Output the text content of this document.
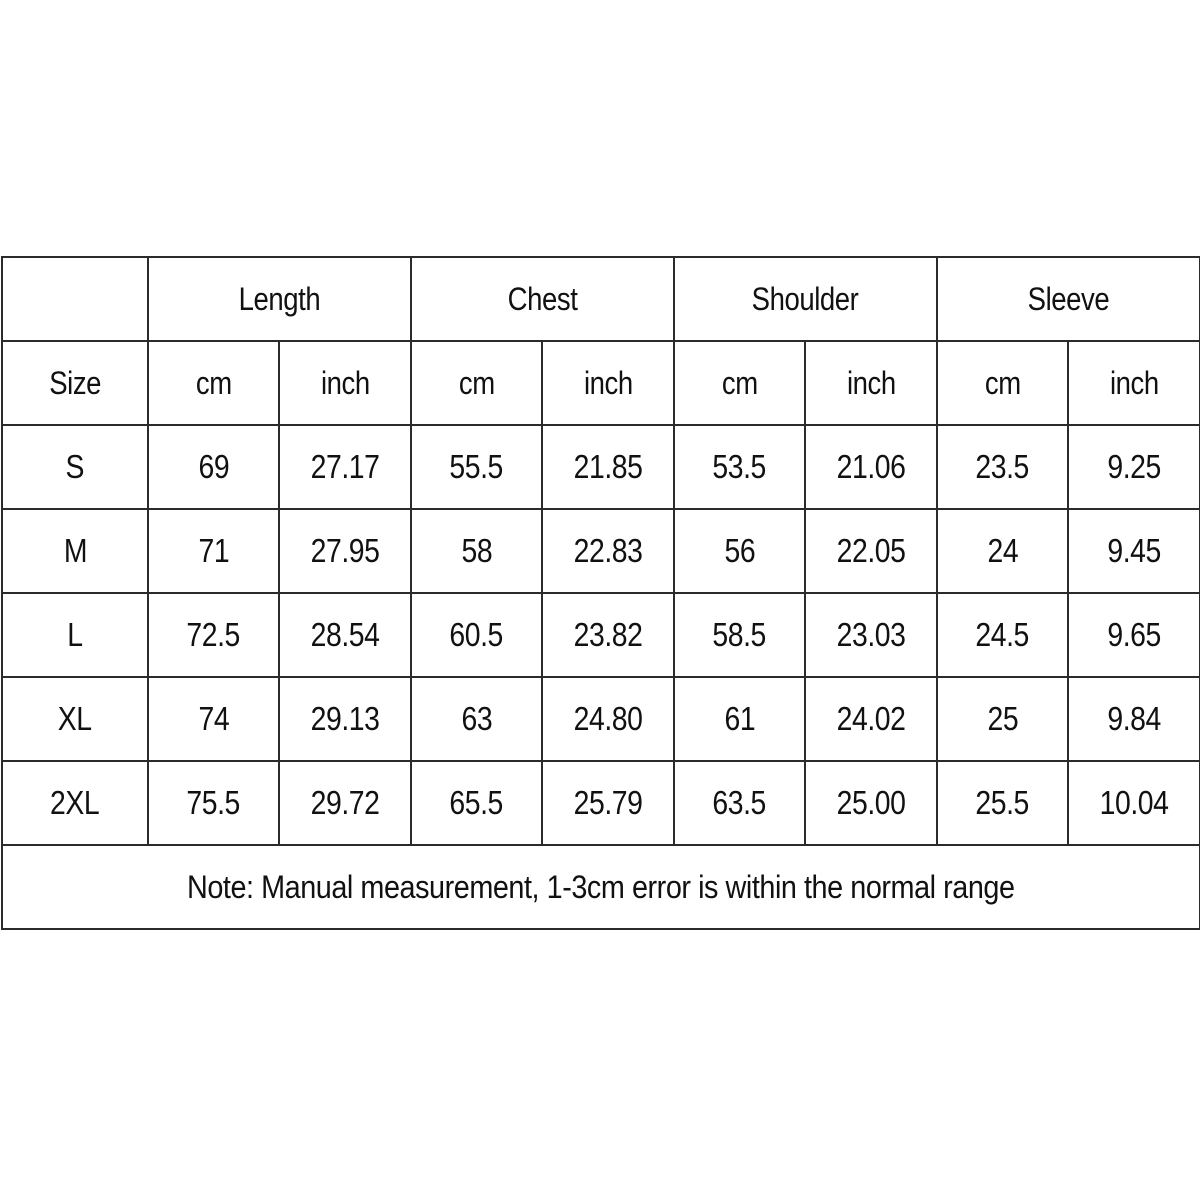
	Length		Chest		Shoulder		Sleeve	
Size	cm	inch	cm	inch	cm	inch	cm	inch
S	69	27.17	55.5	21.85	53.5	21.06	23.5	9.25
M	71	27.95	58	22.83	56	22.05	24	9.45
L	72.5	28.54	60.5	23.82	58.5	23.03	24.5	9.65
XL	74	29.13	63	24.80	61	24.02	25	9.84
2XL	75.5	29.72	65.5	25.79	63.5	25.00	25.5	10.04
Note: Manual measurement, 1-3cm error is within the normal range								
